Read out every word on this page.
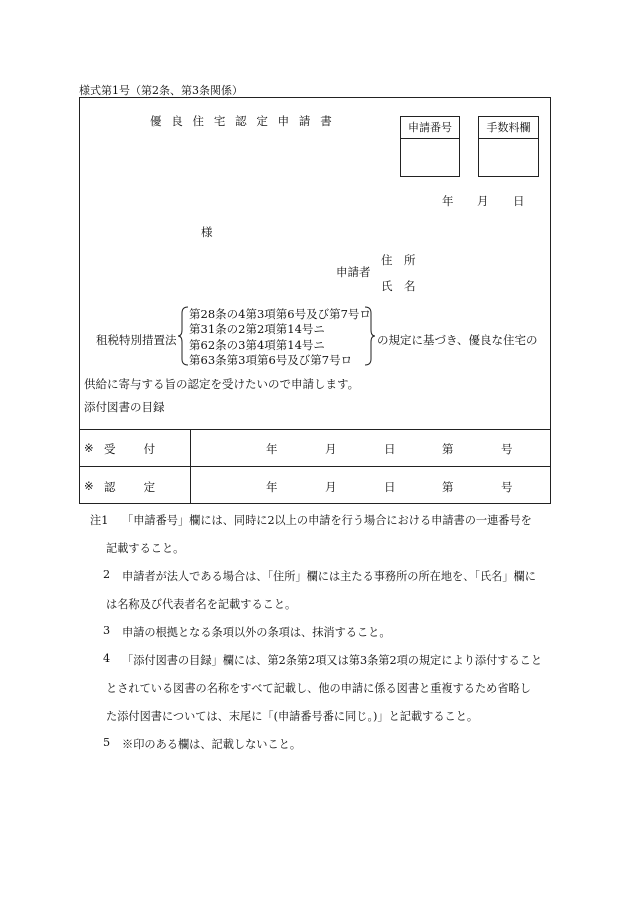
様式第1号（第2条、第3条関係）
優良住宅認定申請書	申請番号	手数料欄
年 月 日
様
申請者
住　所
氏　名
租税特別措置法
第28条の4第3項第6号及び第7号ロ
第31条の2第2項第14号ニ
第62条の3第4項第14号ニ
第63条第3項第6号及び第7号ロ
の規定に基づき、優良な住宅の
供給に寄与する旨の認定を受けたいので申請します。
添付図書の目録
※ 受　　付	年	月	日	第	号
※ 認　　定	年	月	日	第	号
注1 「申請番号」欄には、同時に2以上の申請を行う場合における申請書の一連番号を
記載すること。
2 申請者が法人である場合は、「住所」欄には主たる事務所の所在地を、「氏名」欄に
は名称及び代表者名を記載すること。
3 申請の根拠となる条項以外の条項は、抹消すること。
4 「添付図書の目録」欄には、第2条第2項又は第3条第2項の規定により添付すること
とされている図書の名称をすべて記載し、他の申請に係る図書と重複するため省略し
た添付図書については、末尾に「(申請番号番に同じ。)」と記載すること。
5 ※印のある欄は、記載しないこと。
